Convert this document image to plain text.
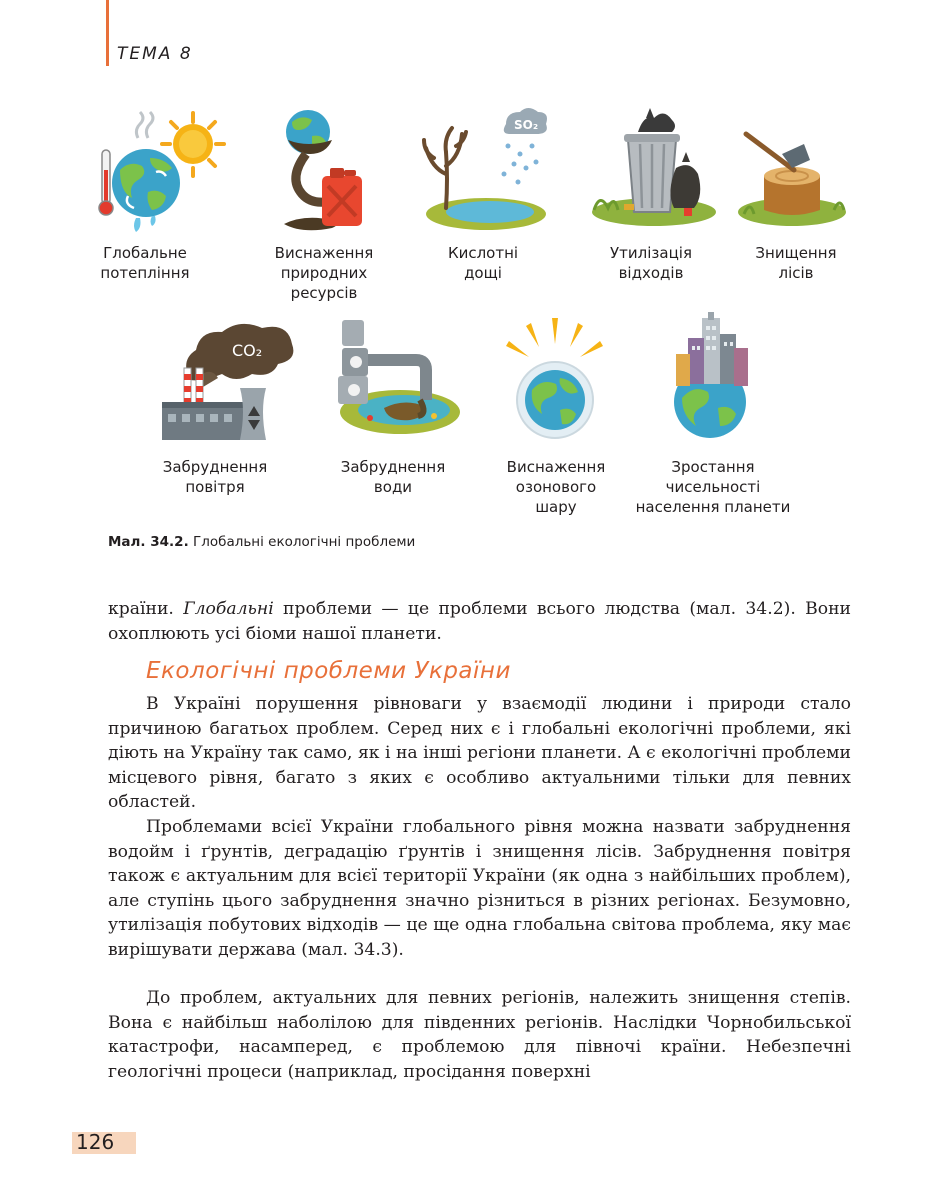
ТЕМА 8
SO₂
Глобальне
потепління
Виснаження
природних
ресурсів
Кислотні
дощі
Утилізація
відходів
Знищення
лісів
CO₂
Забруднення
повітря
Забруднення
води
Виснаження
озонового
шару
Зростання
чисельності
населення планети
Мал. 34.2. Глобальні екологічні проблеми
країни. Глобальні проблеми — це проблеми всього людства (мал. 34.2). Вони охоплюють усі біоми нашої планети.
Екологічні проблеми України
В Україні порушення рівноваги у взаємодії людини і природи стало причиною багатьох проблем. Серед них є і глобальні екологічні проблеми, які діють на Україну так само, як і на інші регіони планети. А є екологічні проблеми місцевого рівня, багато з яких є особливо актуальними тільки для певних областей.
Проблемами всієї України глобального рівня можна назвати забруднення водойм і ґрунтів, деградацію ґрунтів і знищення лісів. Забруднення повітря також є актуальним для всієї території України (як одна з найбільших проблем), але ступінь цього забруднення значно різниться в різних регіонах. Безумовно, утилізація побутових відходів — це ще одна глобальна світова проблема, яку має вирішувати держава (мал. 34.3).
До проблем, актуальних для певних регіонів, належить знищення степів. Вона є найбільш наболілою для південних регіонів. Наслідки Чорнобильської катастрофи, насамперед, є проблемою для півночі країни. Небезпечні геологічні процеси (наприклад, просідання поверхні
126
